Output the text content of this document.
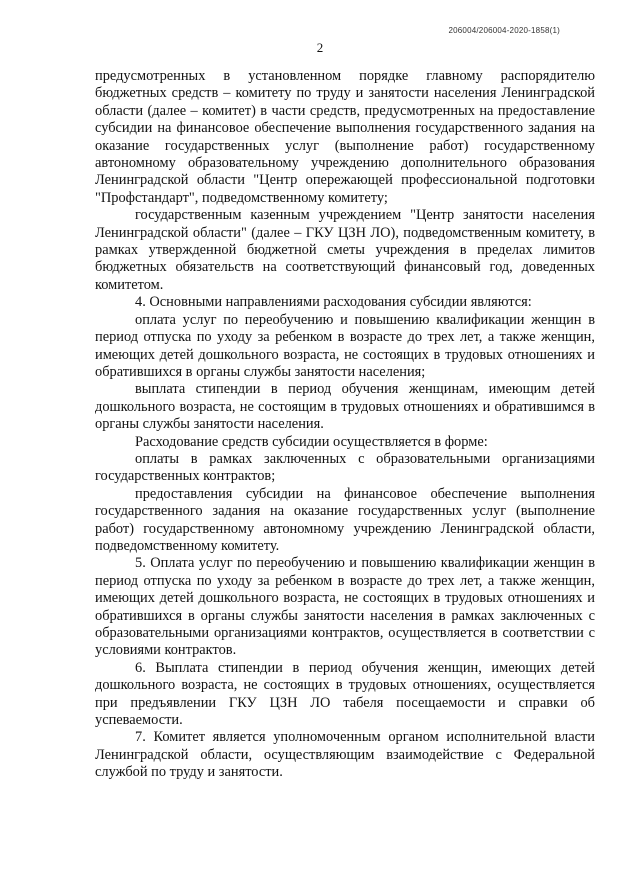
206004/206004-2020-1858(1)
2

предусмотренных в установленном порядке главному распорядителю бюджетных средств – комитету по труду и занятости населения Ленинградской области (далее – комитет) в части средств, предусмотренных на предоставление субсидии на финансовое обеспечение выполнения государственного задания на оказание государственных услуг (выполнение работ) государственному автономному образовательному учреждению дополнительного образования Ленинградской области "Центр опережающей профессиональной подготовки "Профстандарт", подведомственному комитету;

государственным казенным учреждением "Центр занятости населения Ленинградской области" (далее – ГКУ ЦЗН ЛО), подведомственным комитету, в рамках утвержденной бюджетной сметы учреждения в пределах лимитов бюджетных обязательств на соответствующий финансовый год, доведенных комитетом.

4. Основными направлениями расходования субсидии являются:

оплата услуг по переобучению и повышению квалификации женщин в период отпуска по уходу за ребенком в возрасте до трех лет, а также женщин, имеющих детей дошкольного возраста, не состоящих в трудовых отношениях и обратившихся в органы службы занятости населения;

выплата стипендии в период обучения женщинам, имеющим детей дошкольного возраста, не состоящим в трудовых отношениях и обратившимся в органы службы занятости населения.

Расходование средств субсидии осуществляется в форме:

оплаты в рамках заключенных с образовательными организациями государственных контрактов;

предоставления субсидии на финансовое обеспечение выполнения государственного задания на оказание государственных услуг (выполнение работ) государственному автономному учреждению Ленинградской области, подведомственному комитету.

5. Оплата услуг по переобучению и повышению квалификации женщин в период отпуска по уходу за ребенком в возрасте до трех лет, а также женщин, имеющих детей дошкольного возраста, не состоящих в трудовых отношениях и обратившихся в органы службы занятости населения в рамках заключенных с образовательными организациями контрактов, осуществляется в соответствии с условиями контрактов.

6. Выплата стипендии в период обучения женщин, имеющих детей дошкольного возраста, не состоящих в трудовых отношениях, осуществляется при предъявлении ГКУ ЦЗН ЛО табеля посещаемости и справки об успеваемости.

7. Комитет является уполномоченным органом исполнительной власти Ленинградской области, осуществляющим взаимодействие с Федеральной службой по труду и занятости.
